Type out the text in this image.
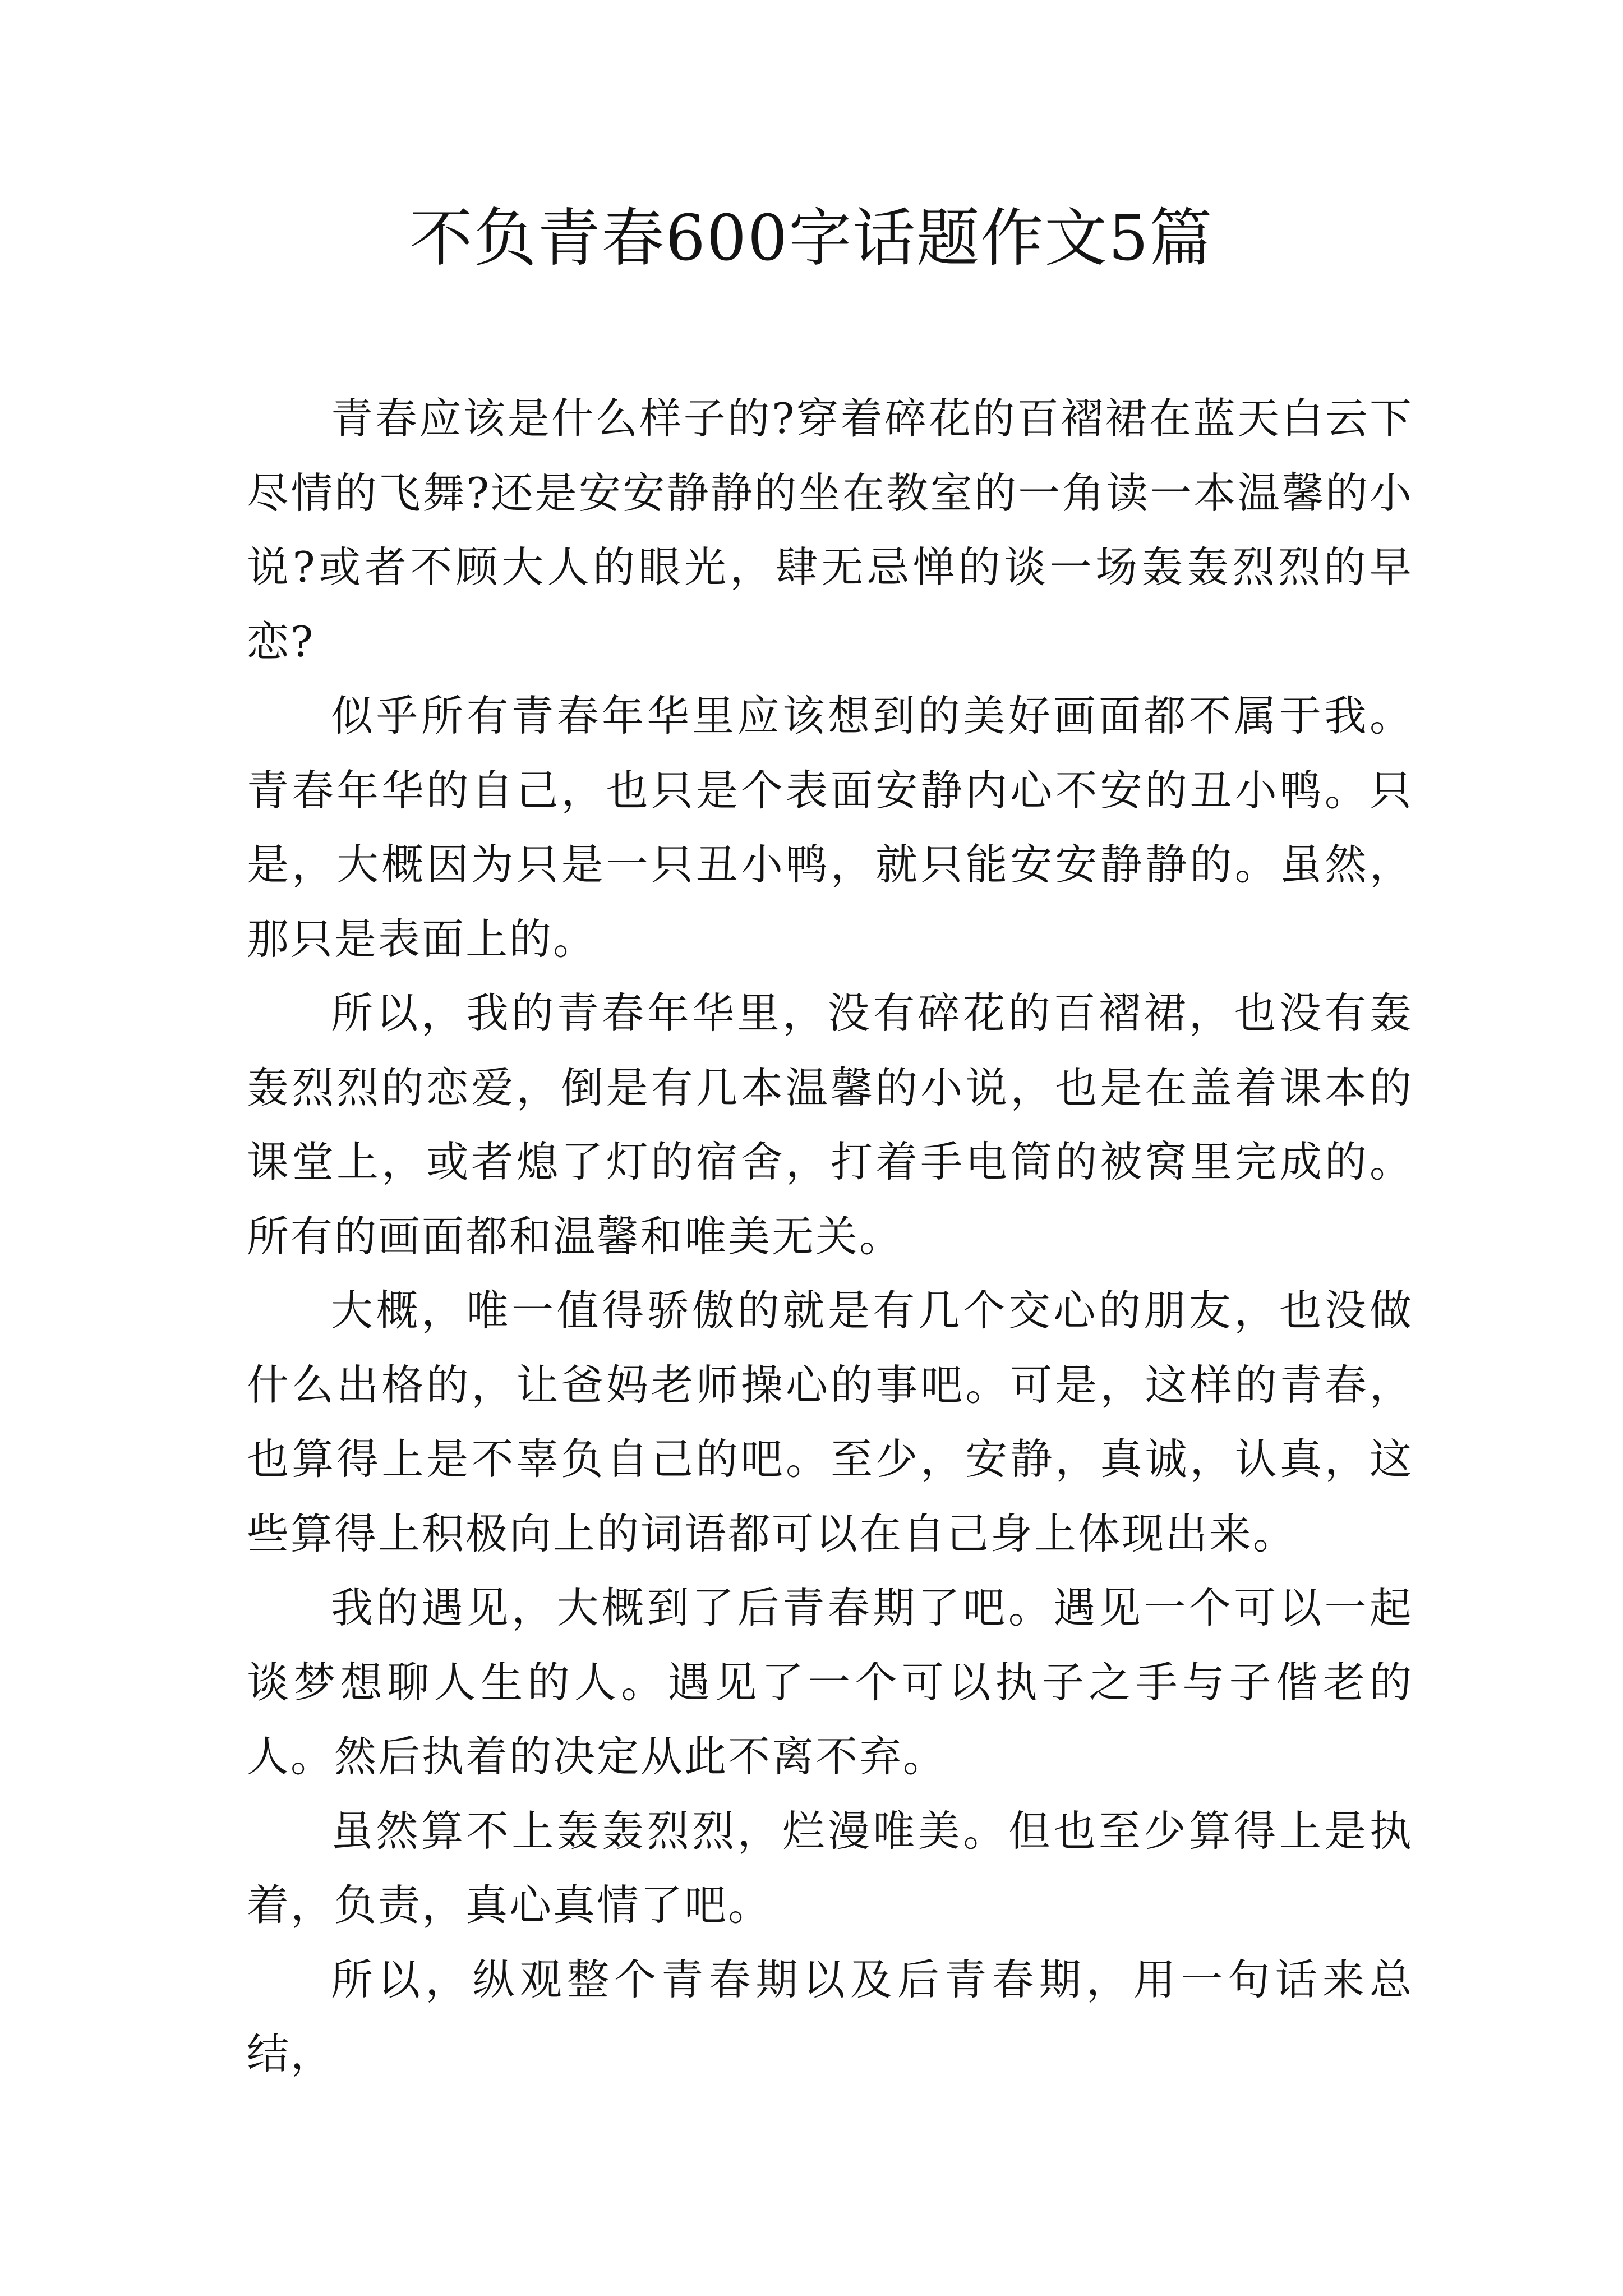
不负青春600字话题作文5篇

青春应该是什么样子的?穿着碎花的百褶裙在蓝天白云下尽情的飞舞?还是安安静静的坐在教室的一角读一本温馨的小说?或者不顾大人的眼光，肆无忌惮的谈一场轰轰烈烈的早恋?

似乎所有青春年华里应该想到的美好画面都不属于我。青春年华的自己，也只是个表面安静内心不安的丑小鸭。只是，大概因为只是一只丑小鸭，就只能安安静静的。虽然，那只是表面上的。

所以，我的青春年华里，没有碎花的百褶裙，也没有轰轰烈烈的恋爱，倒是有几本温馨的小说，也是在盖着课本的课堂上，或者熄了灯的宿舍，打着手电筒的被窝里完成的。所有的画面都和温馨和唯美无关。

大概，唯一值得骄傲的就是有几个交心的朋友，也没做什么出格的，让爸妈老师操心的事吧。可是，这样的青春，也算得上是不辜负自己的吧。至少，安静，真诚，认真，这些算得上积极向上的词语都可以在自己身上体现出来。

我的遇见，大概到了后青春期了吧。遇见一个可以一起谈梦想聊人生的人。遇见了一个可以执子之手与子偕老的人。然后执着的决定从此不离不弃。

虽然算不上轰轰烈烈，烂漫唯美。但也至少算得上是执着，负责，真心真情了吧。

所以，纵观整个青春期以及后青春期，用一句话来总结，
